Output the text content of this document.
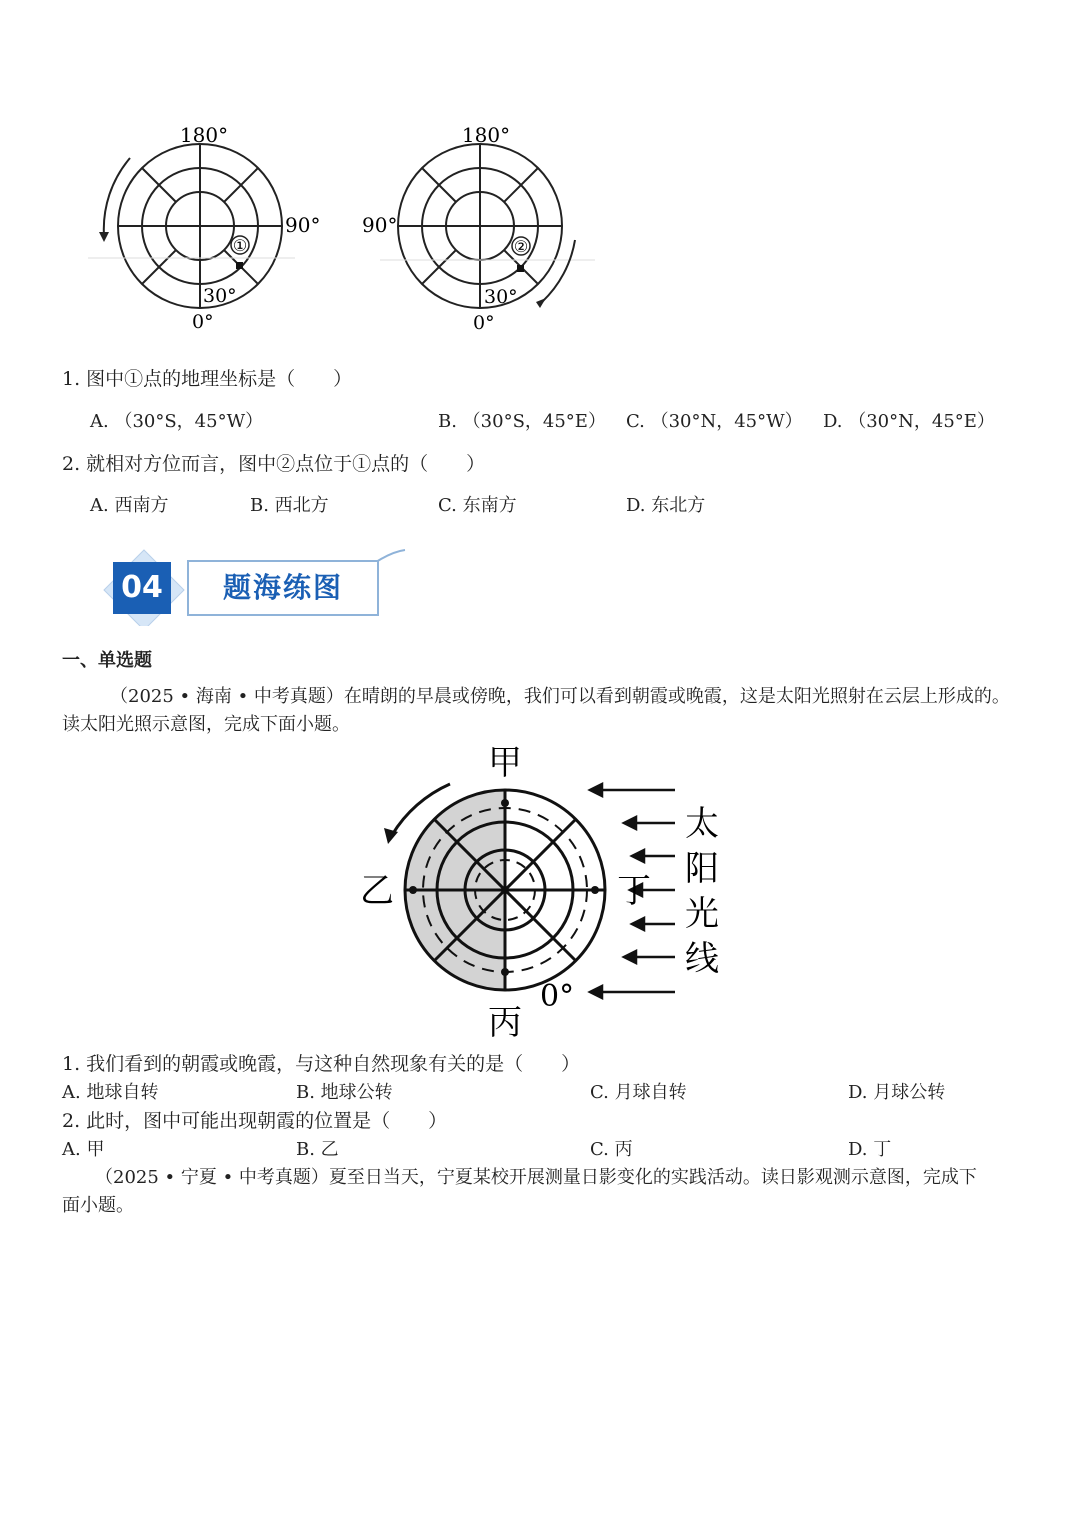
①
180°
90°
30°
0°
②
180°
90°
30°
0°
1. 图中①点的地理坐标是（　　）
A. （30°S，45°W）	B. （30°S，45°E） C. （30°N，45°W） D. （30°N，45°E）
2. 就相对方位而言，图中②点位于①点的（　　）
A. 西南方	B. 西北方	C. 东南方	D. 东北方
04	题海练图
一、单选题
（2025 • 海南 • 中考真题）在晴朗的早晨或傍晚，我们可以看到朝霞或晚霞，这是太阳光照射在云层上形成的。
读太阳光照示意图，完成下面小题。
甲
乙	丁
丙
0°
太
阳
光
线
1. 我们看到的朝霞或晚霞，与这种自然现象有关的是（　　）
A. 地球自转	B. 地球公转	C. 月球自转	D. 月球公转
2. 此时，图中可能出现朝霞的位置是（　　）
A. 甲	B. 乙	C. 丙	D. 丁
（2025 • 宁夏 • 中考真题）夏至日当天，宁夏某校开展测量日影变化的实践活动。读日影观测示意图，完成下
面小题。
